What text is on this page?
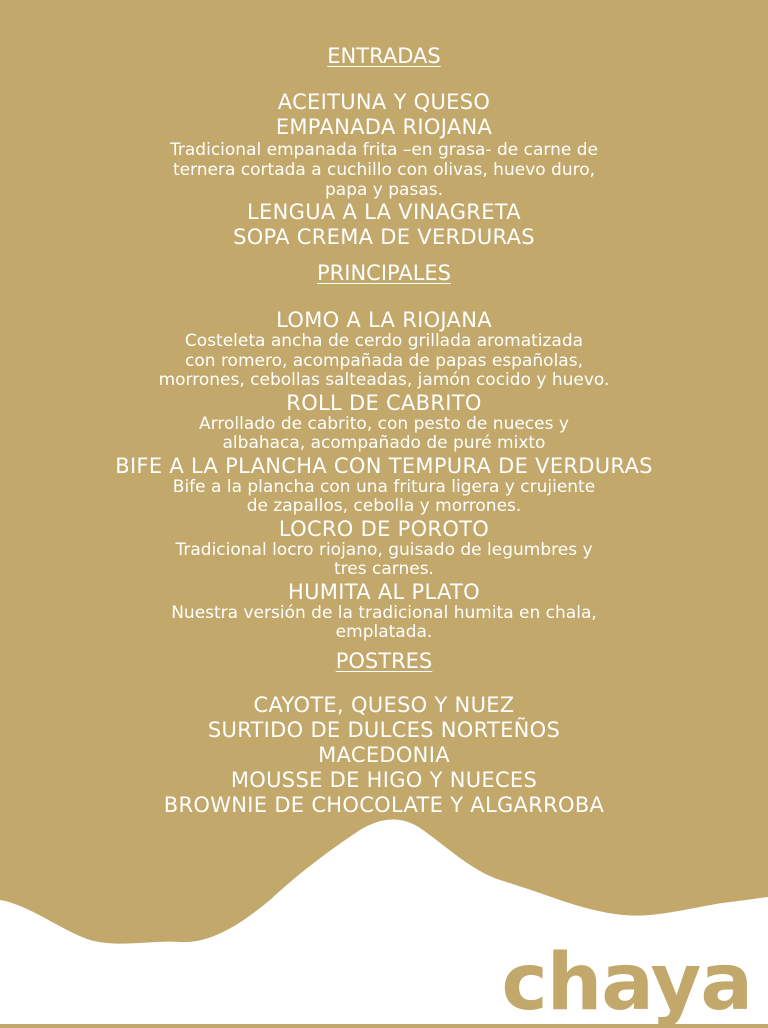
ENTRADAS
ACEITUNA Y QUESO
EMPANADA RIOJANA
Tradicional empanada frita –en grasa- de carne de
ternera cortada a cuchillo con olivas, huevo duro,
papa y pasas.
LENGUA A LA VINAGRETA
SOPA CREMA DE VERDURAS
PRINCIPALES
LOMO A LA RIOJANA
Costeleta ancha de cerdo grillada aromatizada
con romero, acompañada de papas españolas,
morrones, cebollas salteadas, jamón cocido y huevo.
ROLL DE CABRITO
Arrollado de cabrito, con pesto de nueces y
albahaca, acompañado de puré mixto
BIFE A LA PLANCHA CON TEMPURA DE VERDURAS
Bife a la plancha con una fritura ligera y crujiente
de zapallos, cebolla y morrones.
LOCRO DE POROTO
Tradicional locro riojano, guisado de legumbres y
tres carnes.
HUMITA AL PLATO
Nuestra versión de la tradicional humita en chala,
emplatada.
POSTRES
CAYOTE, QUESO Y NUEZ
SURTIDO DE DULCES NORTEÑOS
MACEDONIA
MOUSSE DE HIGO Y NUECES
BROWNIE DE CHOCOLATE Y ALGARROBA
chaya
